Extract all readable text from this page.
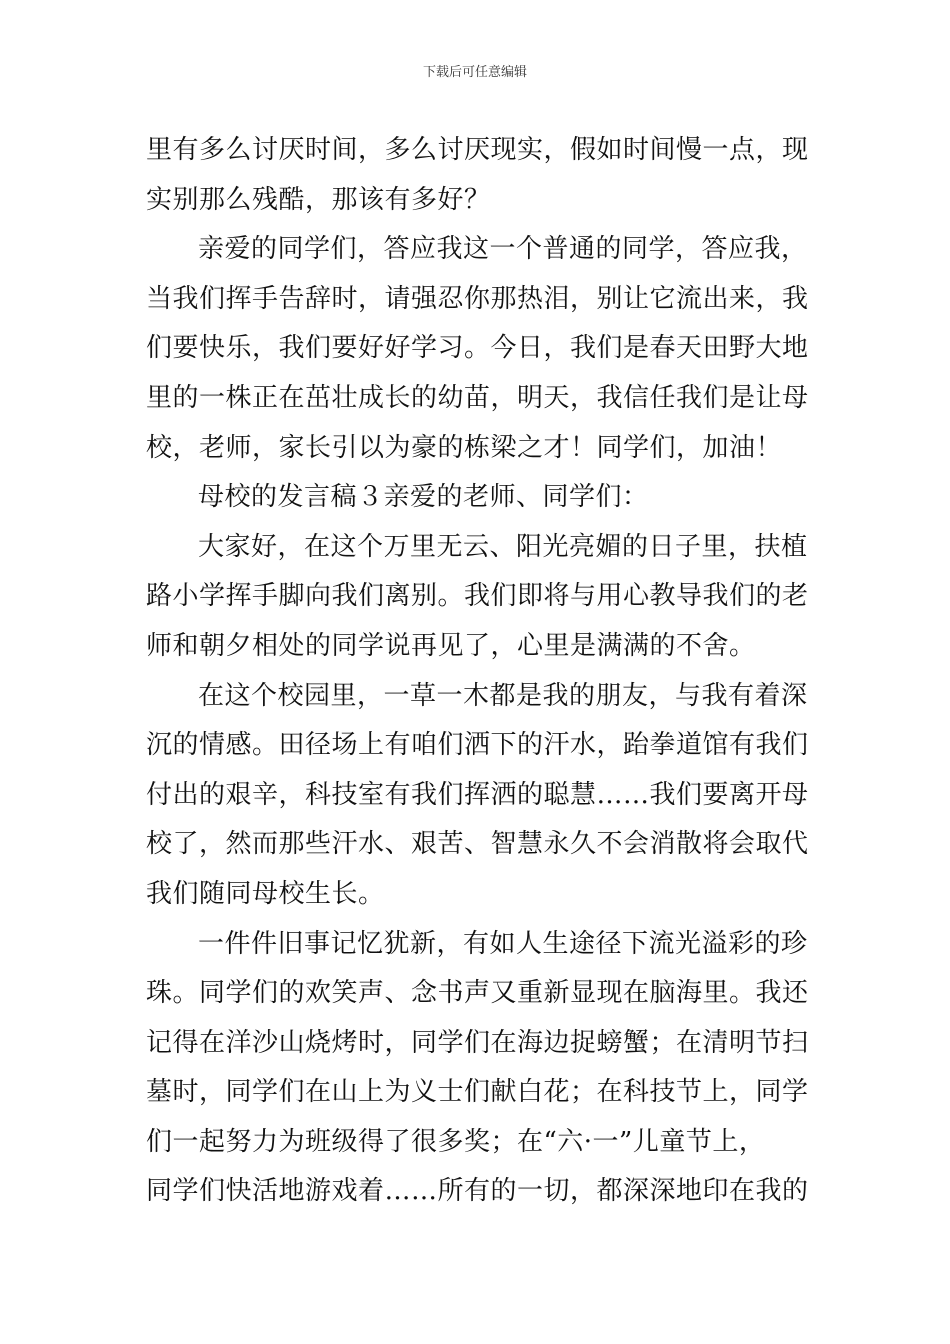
下载后可任意编辑
里有多么讨厌时间，多么讨厌现实，假如时间慢一点，现
实别那么残酷，那该有多好？
亲爱的同学们，答应我这一个普通的同学，答应我，
当我们挥手告辞时，请强忍你那热泪，别让它流出来，我
们要快乐，我们要好好学习。今日，我们是春天田野大地
里的一株正在茁壮成长的幼苗，明天，我信任我们是让母
校，老师，家长引以为豪的栋梁之才！同学们，加油！
母校的发言稿３亲爱的老师、同学们：
大家好，在这个万里无云、阳光亮媚的日子里，扶植
路小学挥手脚向我们离别。我们即将与用心教导我们的老
师和朝夕相处的同学说再见了，心里是满满的不舍。
在这个校园里，一草一木都是我的朋友，与我有着深
沉的情感。田径场上有咱们洒下的汗水，跆拳道馆有我们
付出的艰辛，科技室有我们挥洒的聪慧……我们要离开母
校了，然而那些汗水、艰苦、智慧永久不会消散将会取代
我们随同母校生长。
一件件旧事记忆犹新，有如人生途径下流光溢彩的珍
珠。同学们的欢笑声、念书声又重新显现在脑海里。我还
记得在洋沙山烧烤时，同学们在海边捉螃蟹；在清明节扫
墓时，同学们在山上为义士们献白花；在科技节上，同学
们一起努力为班级得了很多奖；在“六·一”儿童节上，
同学们快活地游戏着……所有的一切，都深深地印在我的
